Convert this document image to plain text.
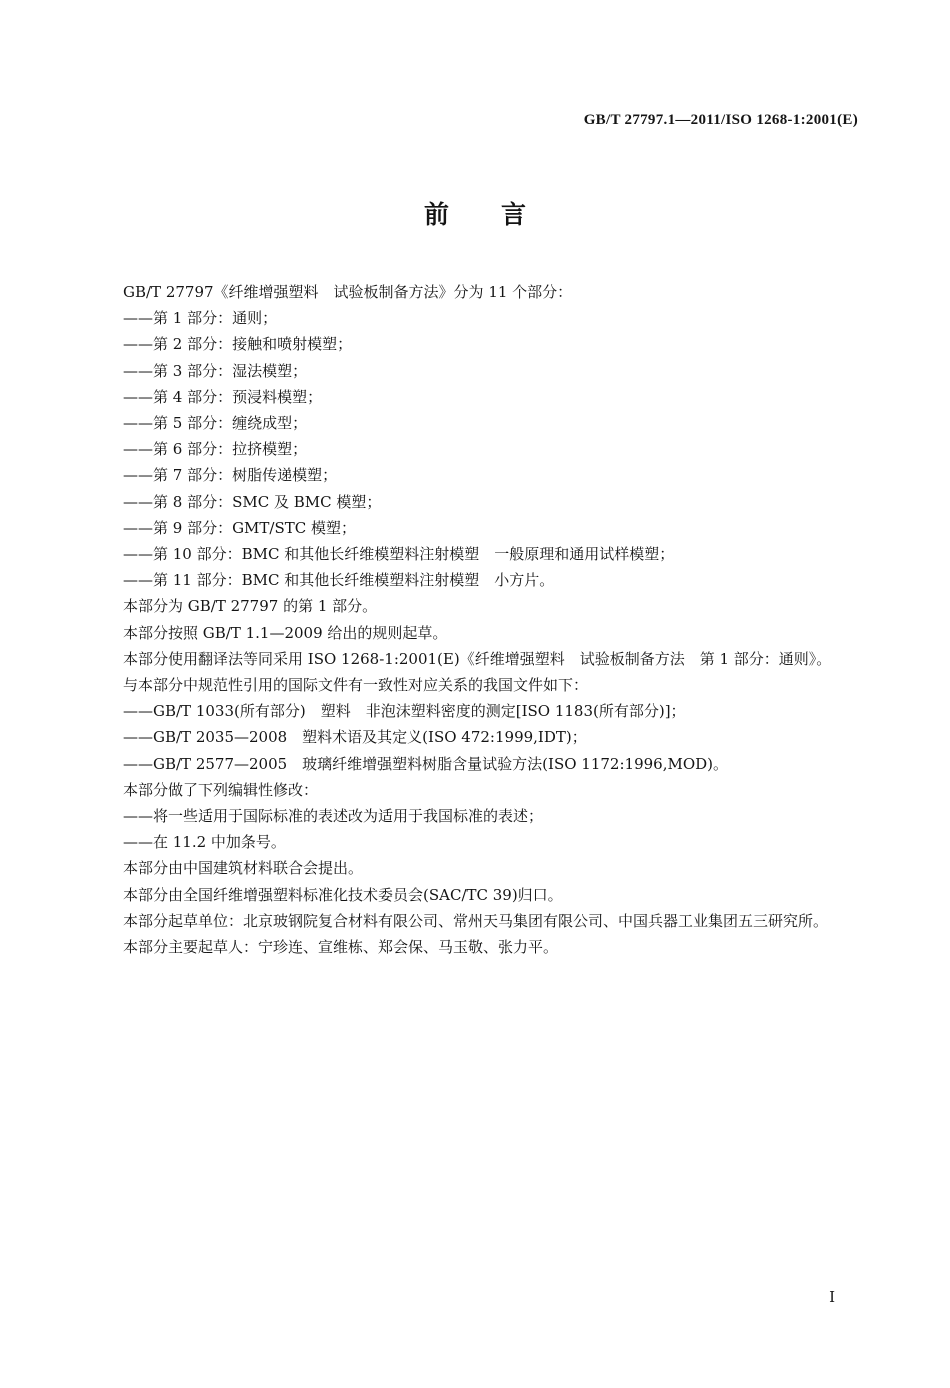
GB/T 27797.1—2011/ISO 1268-1:2001(E)
前 言

GB/T 27797《纤维增强塑料　试验板制备方法》分为 11 个部分：

——第 1 部分：通则；

——第 2 部分：接触和喷射模塑；

——第 3 部分：湿法模塑；

——第 4 部分：预浸料模塑；

——第 5 部分：缠绕成型；

——第 6 部分：拉挤模塑；

——第 7 部分：树脂传递模塑；

——第 8 部分：SMC 及 BMC 模塑；

——第 9 部分：GMT/STC 模塑；

——第 10 部分：BMC 和其他长纤维模塑料注射模塑　一般原理和通用试样模塑；

——第 11 部分：BMC 和其他长纤维模塑料注射模塑　小方片。

本部分为 GB/T 27797 的第 1 部分。

本部分按照 GB/T 1.1—2009 给出的规则起草。

本部分使用翻译法等同采用 ISO 1268-1:2001(E)《纤维增强塑料　试验板制备方法　第 1 部分：通则》。

与本部分中规范性引用的国际文件有一致性对应关系的我国文件如下：

——GB/T 1033(所有部分)　塑料　非泡沫塑料密度的测定[ISO 1183(所有部分)]；

——GB/T 2035—2008　塑料术语及其定义(ISO 472:1999,IDT)；

——GB/T 2577—2005　玻璃纤维增强塑料树脂含量试验方法(ISO 1172:1996,MOD)。

本部分做了下列编辑性修改：

——将一些适用于国际标准的表述改为适用于我国标准的表述；

——在 11.2 中加条号。

本部分由中国建筑材料联合会提出。

本部分由全国纤维增强塑料标准化技术委员会(SAC/TC 39)归口。

本部分起草单位：北京玻钢院复合材料有限公司、常州天马集团有限公司、中国兵器工业集团五三研究所。

本部分主要起草人：宁珍连、宣维栋、郑会保、马玉敬、张力平。

I
